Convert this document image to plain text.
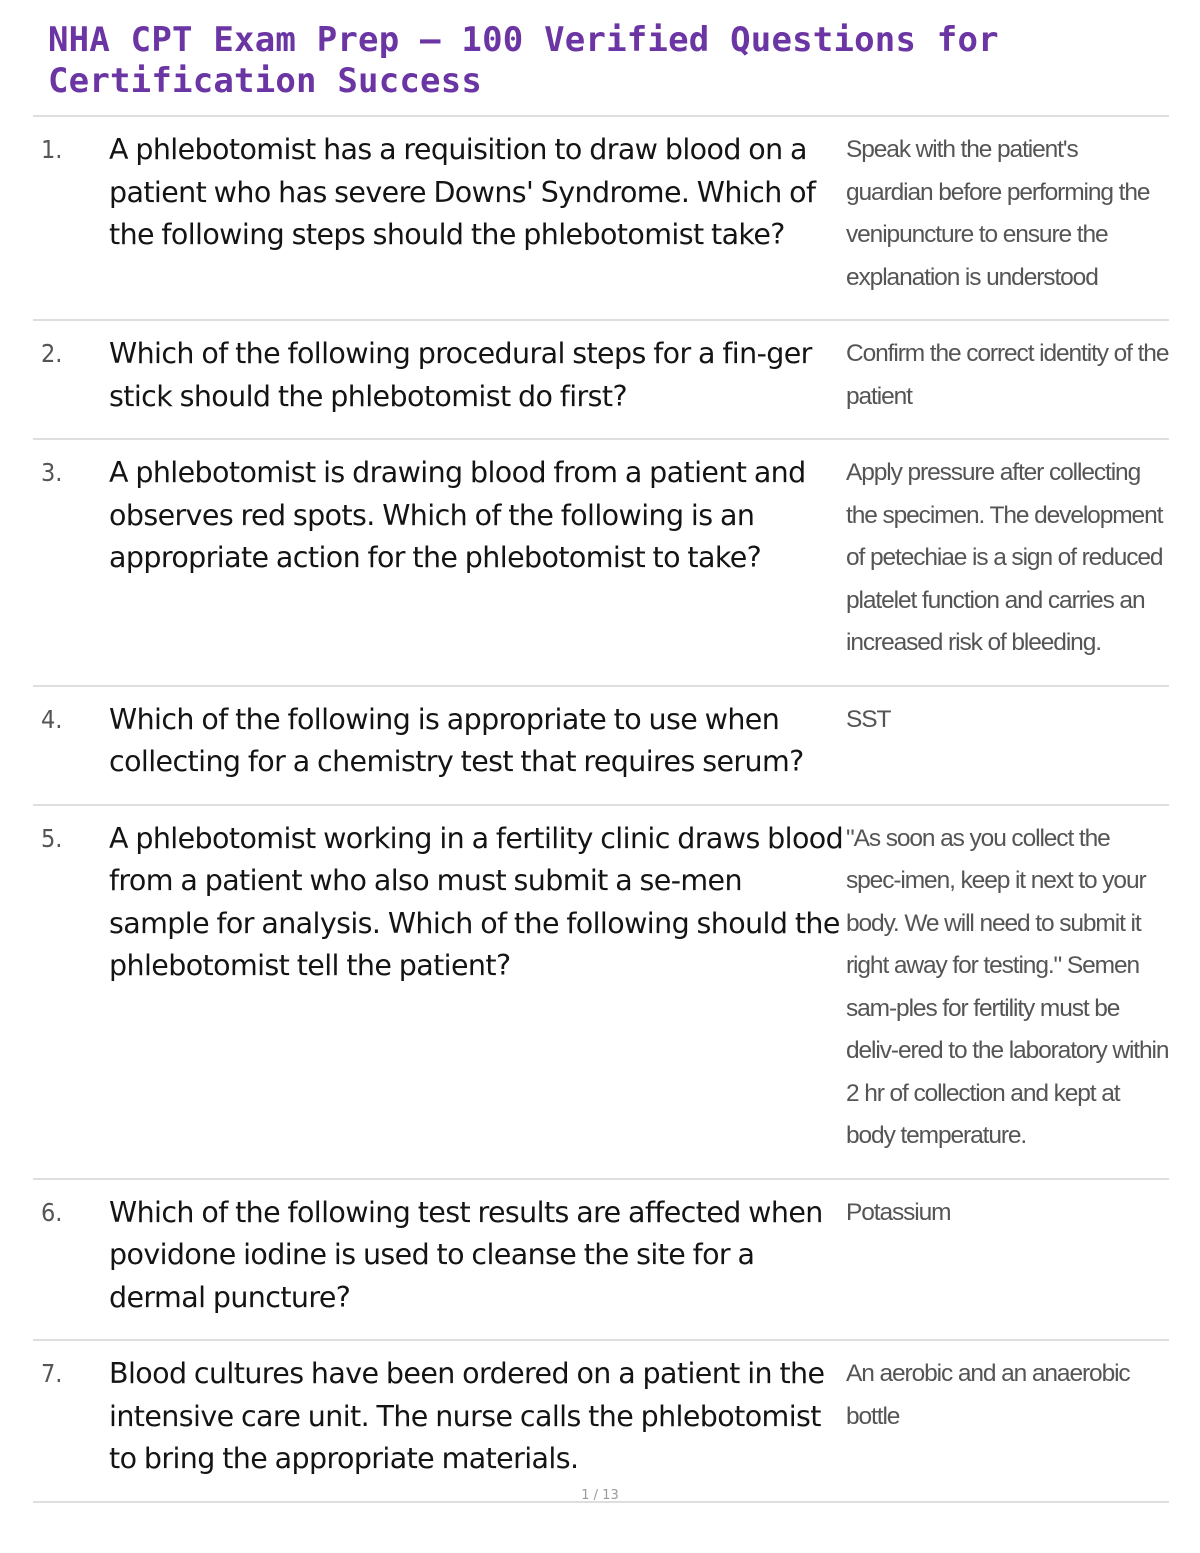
NHA CPT Exam Prep – 100 Verified Questions for Certification Success
1.	A phlebotomist has a requisition to draw blood on a patient who has severe Downs' Syndrome. Which of the following steps should the phlebotomist take?
Speak with the patient's guardian before performing the venipuncture to ensure the explanation is understood
2.	Which of the following procedural steps for a fin-ger stick should the phlebotomist do first?
Confirm the correct identity of the patient
3.	A phlebotomist is drawing blood from a patient and observes red spots. Which of the following is an appropriate action for the phlebotomist to take?
Apply pressure after collecting the specimen. The development of petechiae is a sign of reduced platelet function and carries an increased risk of bleeding.
4.	Which of the following is appropriate to use when collecting for a chemistry test that requires serum?
SST
5.	A phlebotomist working in a fertility clinic draws blood from a patient who also must submit a se-men sample for analysis. Which of the following should the phlebotomist tell the patient?
"As soon as you collect the spec-imen, keep it next to your body. We will need to submit it right away for testing." Semen sam-ples for fertility must be deliv-ered to the laboratory within 2 hr of collection and kept at body temperature.
6.	Which of the following test results are affected when povidone iodine is used to cleanse the site for a dermal puncture?
Potassium
7.	Blood cultures have been ordered on a patient in the intensive care unit. The nurse calls the phlebotomist to bring the appropriate materials.
An aerobic and an anaerobic bottle
1 / 13
